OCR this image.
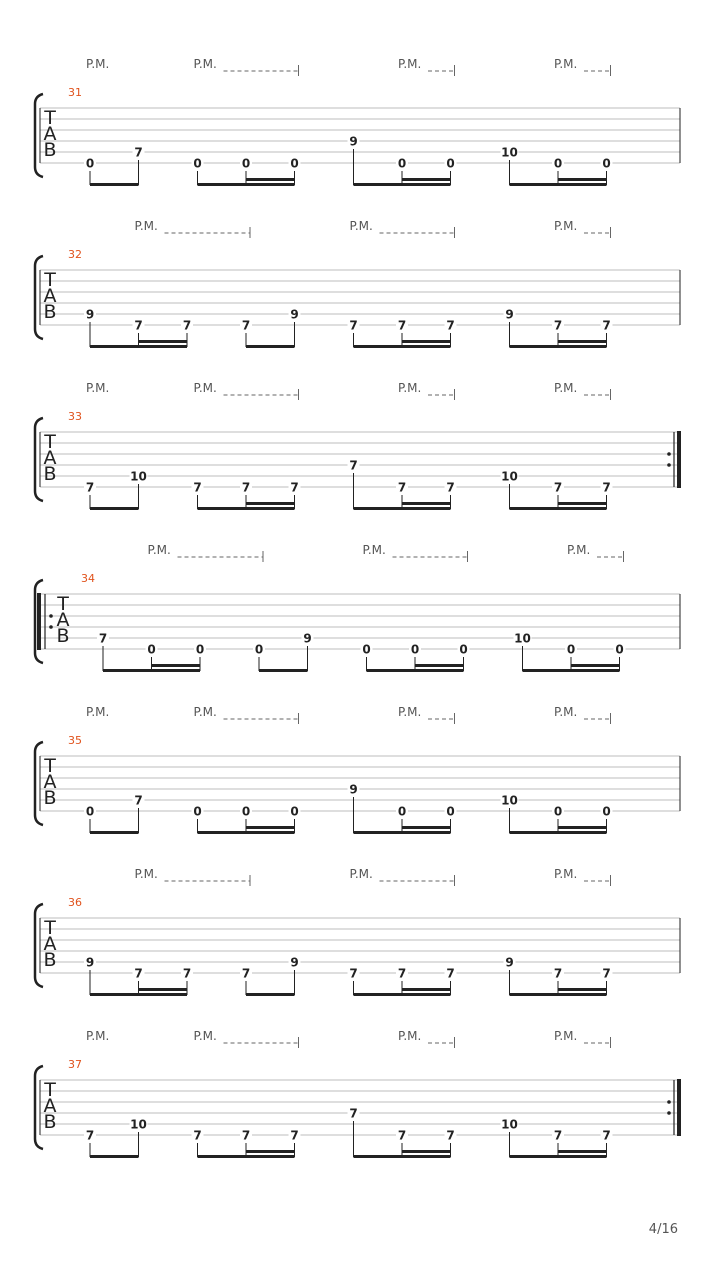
T
A
B
31
0
7
0	0	0
9
0	0
10
0	0
P.M.	P.M.	P.M.	P.M.
T
A
B
32
9
7	7	7
9
7	7	7
9
7	7
P.M.	P.M.	P.M.
T
A
B
33
7
10
7	7	7
7
7	7
10
7	7
P.M.	P.M.	P.M.	P.M.
T
A
B
34
7
0	0	0
9
0	0	0
10
0	0
P.M.	P.M.	P.M.
T
A
B
35
0
7
0	0	0
9
0	0
10
0	0
P.M.	P.M.	P.M.	P.M.
T
A
B
36
9
7	7	7
9
7	7	7
9
7	7
P.M.	P.M.	P.M.
T
A
B
37
7
10
7	7	7
7
7	7
10
7	7
P.M.	P.M.	P.M.	P.M.
4/16
